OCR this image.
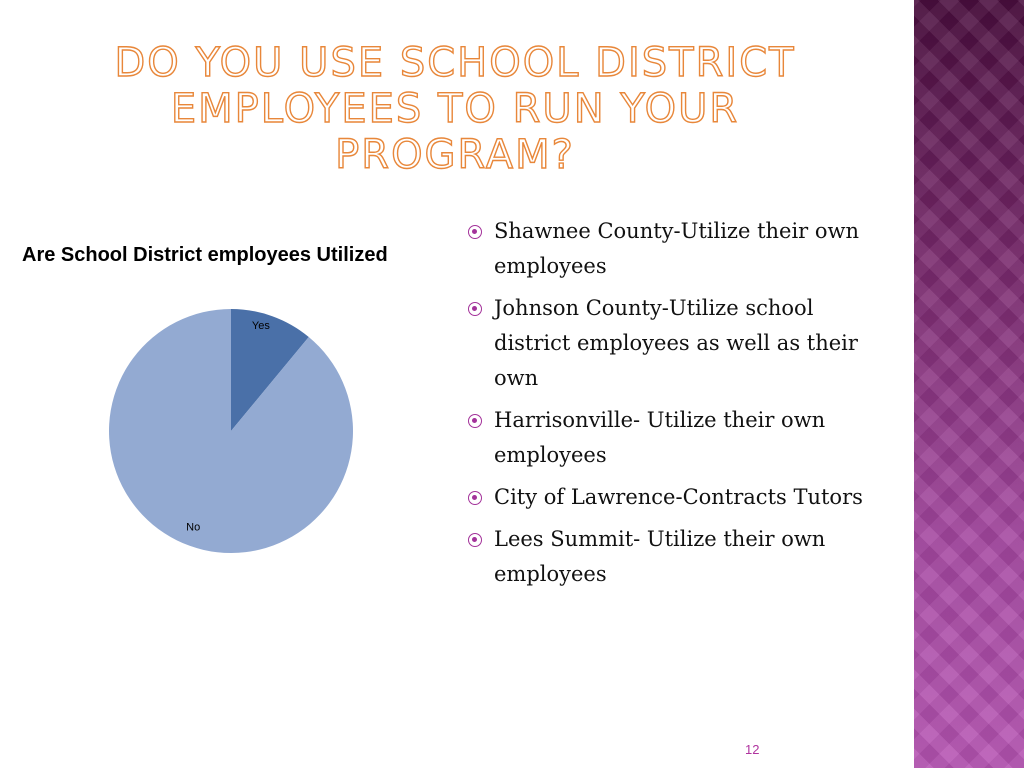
DO YOU USE SCHOOL DISTRICT EMPLOYEES TO RUN YOUR PROGRAM?
Are School District employees Utilized
Yes
No
Shawnee County-Utilize their own employees
Johnson County-Utilize school district employees as well as their own
Harrisonville- Utilize their own employees
City of Lawrence-Contracts Tutors
Lees Summit- Utilize their own employees
12
